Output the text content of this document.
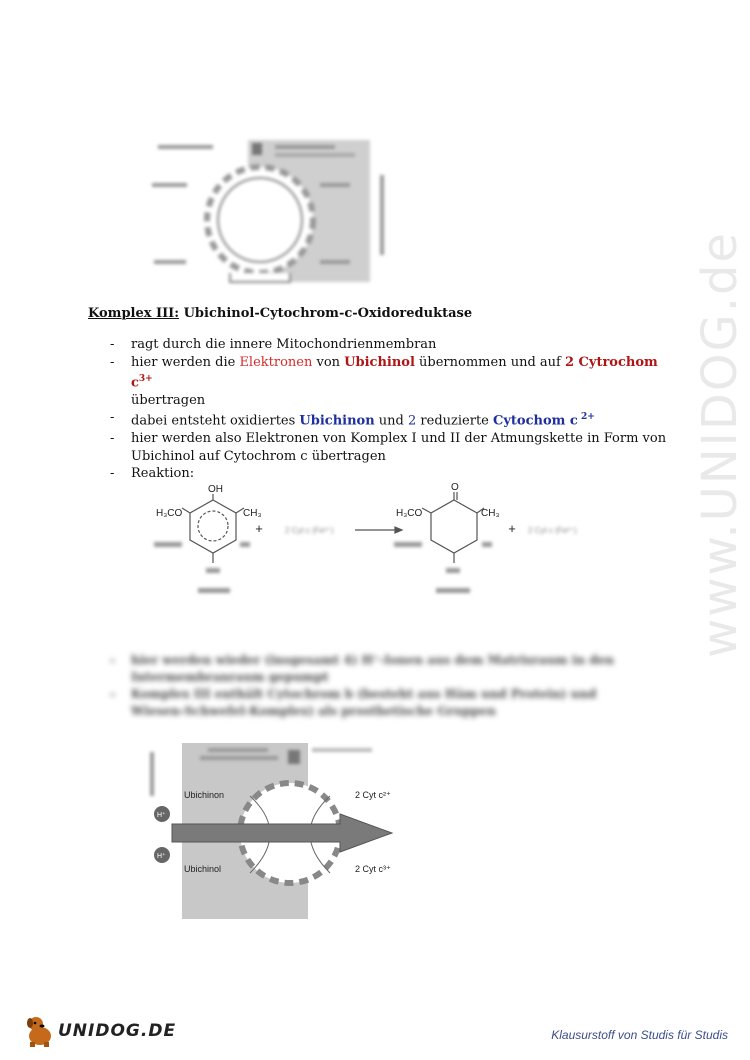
Komplex III: Ubichinol-Cytochrom-c-Oxidoreduktase
- ragt durch die innere Mitochondrienmembran
- hier werden die Elektronen von Ubichinol übernommen und auf 2 Cytrochom $c^{3+}$
übertragen
- dabei entsteht oxidiertes Ubichinon und 2 reduzierte Cytochom c $^{2+}$
- hier werden also Elektronen von Komplex I und II der Atmungskette in Form von Ubichinol auf Cytochrom c übertragen
- Reaktion:
OH
H₃CO	CH₃
+	2 Cyt c (Fe³⁺)
O
H₃CO	CH₃
+ 2 Cyt c (Fe²⁺)
- hier werden wieder (insgesamt 4) H⁺-Ionen aus dem Matrixraum in den Intermembranraum gepumpt
- Komplex III enthält Cytochrom b (besteht aus Häm und Protein) und Wiesen-Schwefel-Komplex) als prosthetische Gruppen
H⁺
H⁺
Ubichinon
Ubichinol
2 Cyt c²⁺
2 Cyt c³⁺
www.UNIDOG.de
UNIDOG.DE	Klausurstoff von Studis für Studis
